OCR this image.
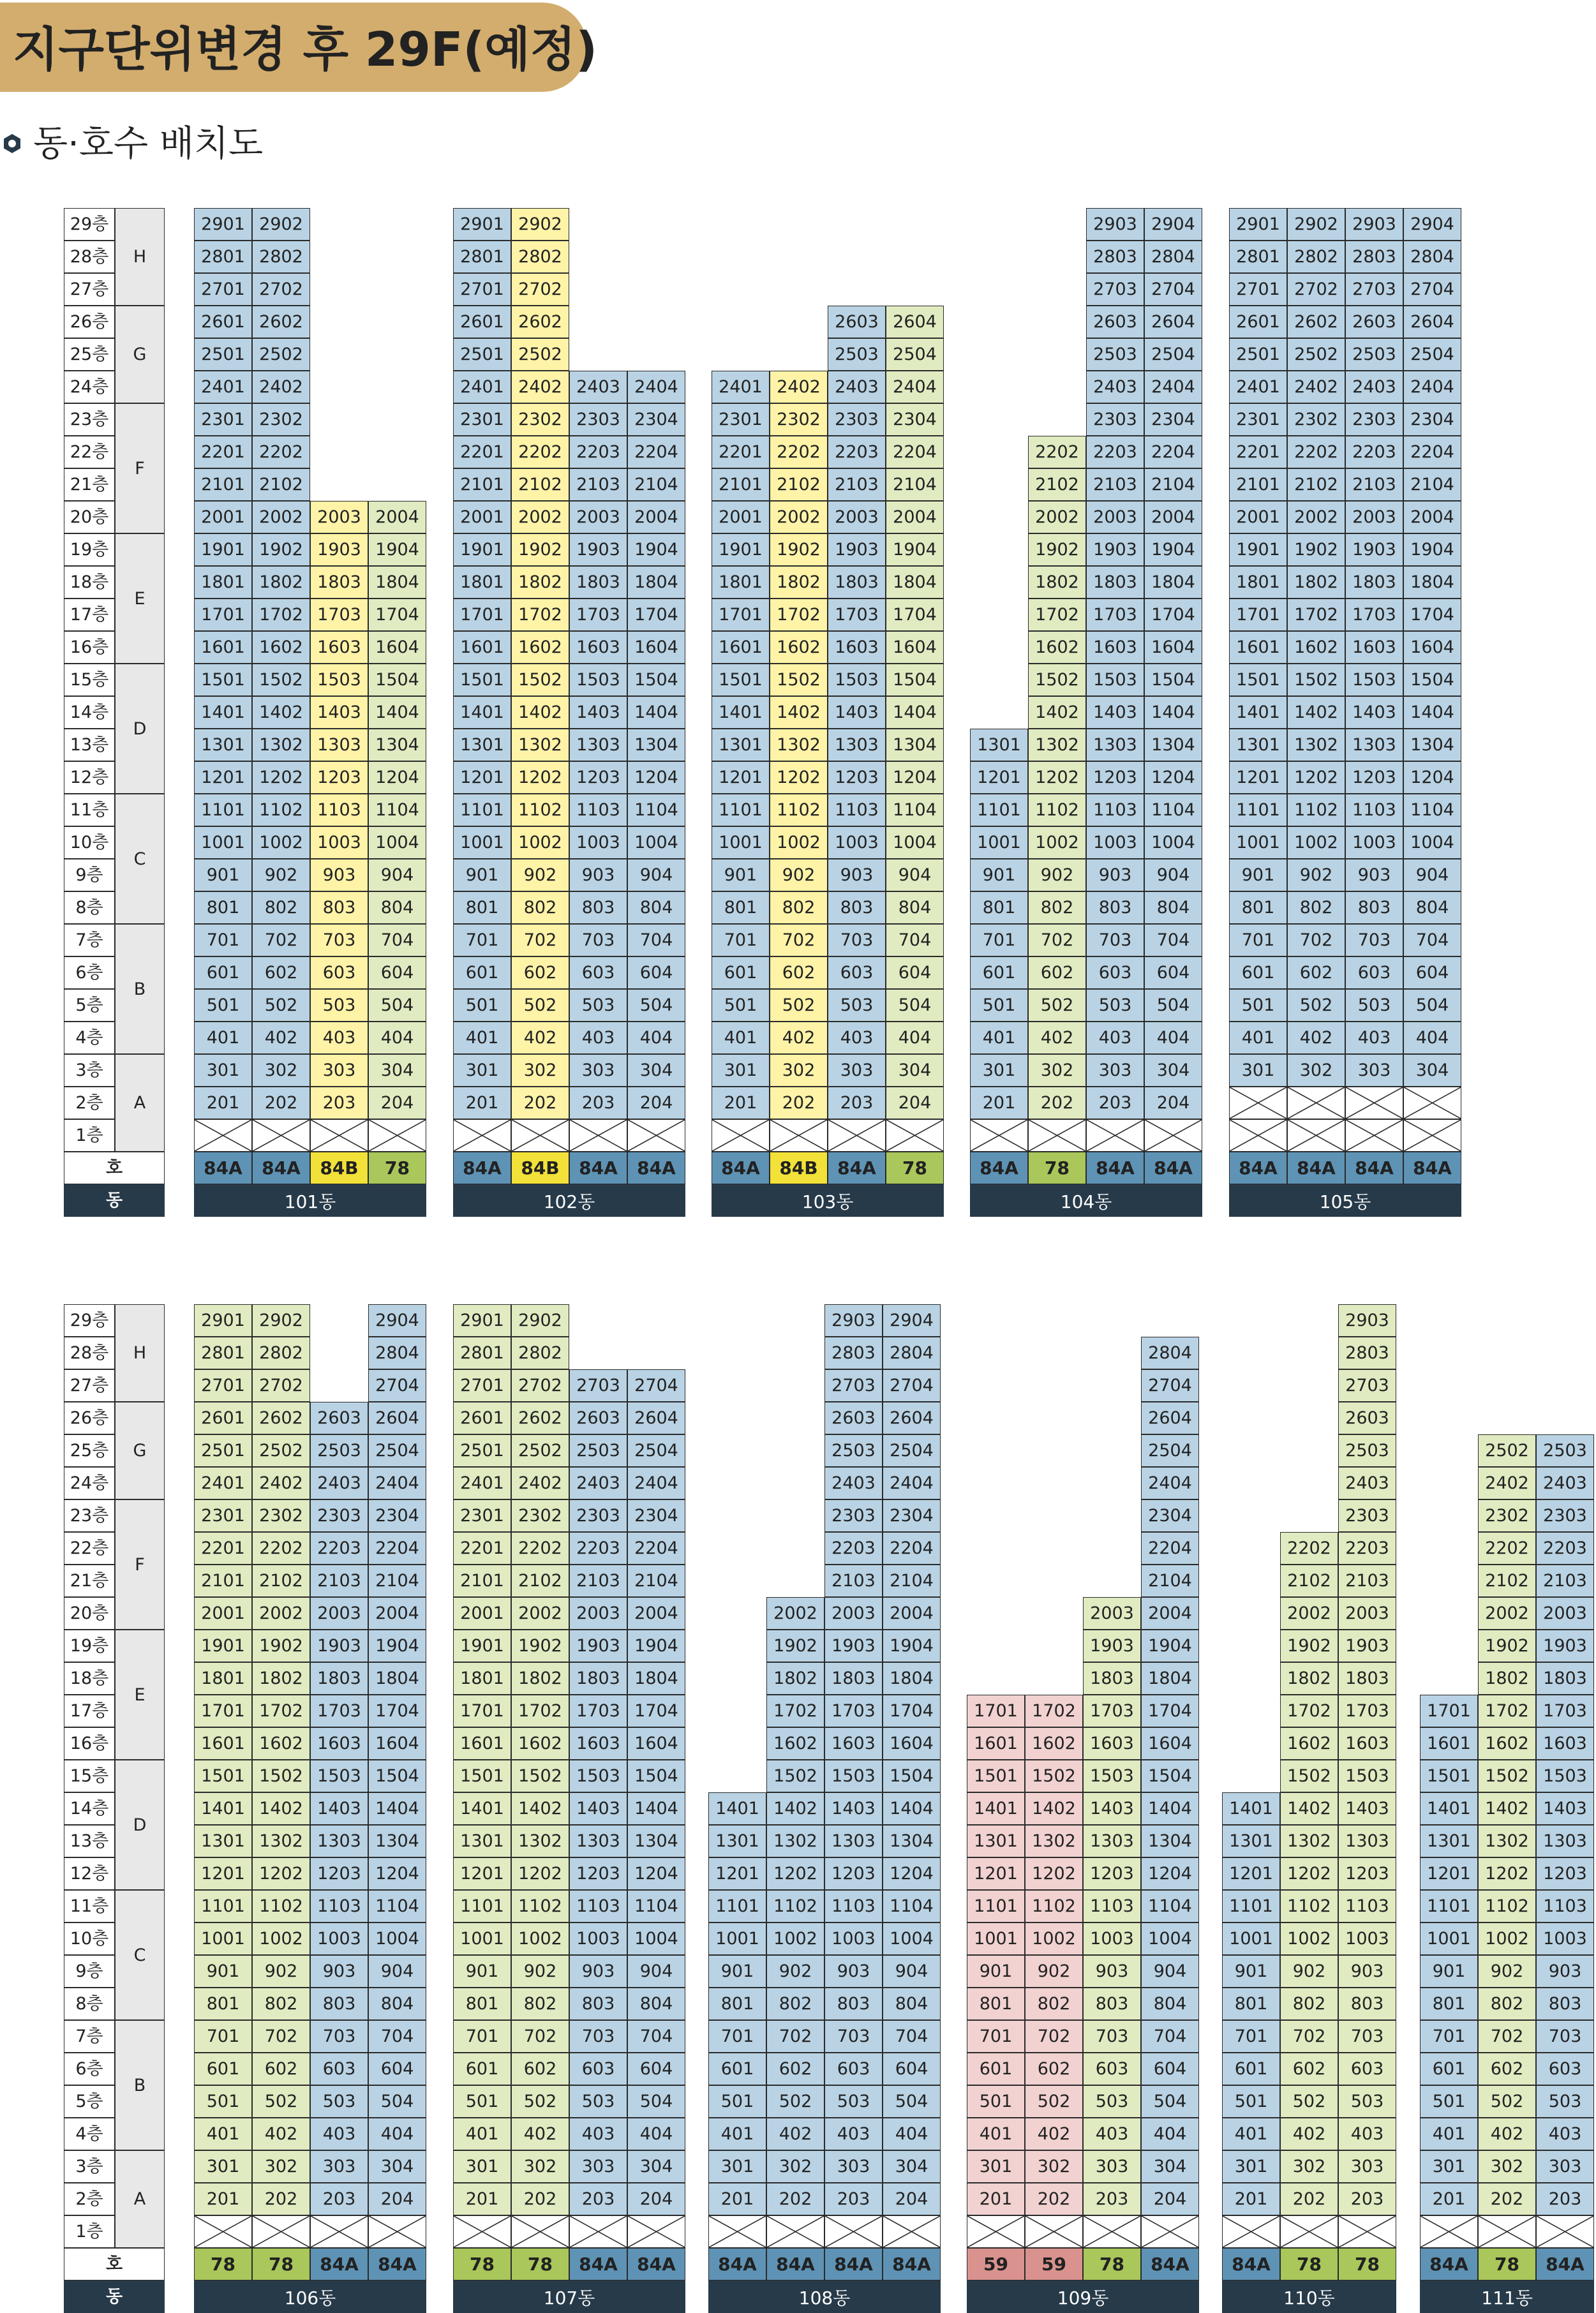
지구단위변경 후 29F(예정)
동·호수 배치도
29층
28층
27층
26층
25층
24층
23층
22층
21층
20층
19층
18층
17층
16층
15층
14층
13층
12층
11층
10층
9층
8층
7층
6층
5층
4층
3층
2층
1층
H
G
F
E
D
C
B
A
호
동
29층
28층
27층
26층
25층
24층
23층
22층
21층
20층
19층
18층
17층
16층
15층
14층
13층
12층
11층
10층
9층
8층
7층
6층
5층
4층
3층
2층
1층
H
G
F
E
D
C
B
A
호
동
2901
2801
2701
2601
2501
2401
2301
2201
2101
2001
1901
1801
1701
1601
1501
1401
1301
1201
1101
1001
901
801
701
601
501
401
301
201
84A
2902
2802
2702
2602
2502
2402
2302
2202
2102
2002
1902
1802
1702
1602
1502
1402
1302
1202
1102
1002
902
802
702
602
502
402
302
202
84A
2003
1903
1803
1703
1603
1503
1403
1303
1203
1103
1003
903
803
703
603
503
403
303
203
84B
2004
1904
1804
1704
1604
1504
1404
1304
1204
1104
1004
904
804
704
604
504
404
304
204
78
101동
2901
2801
2701
2601
2501
2401
2301
2201
2101
2001
1901
1801
1701
1601
1501
1401
1301
1201
1101
1001
901
801
701
601
501
401
301
201
84A
2902
2802
2702
2602
2502
2402
2302
2202
2102
2002
1902
1802
1702
1602
1502
1402
1302
1202
1102
1002
902
802
702
602
502
402
302
202
84B
2403
2303
2203
2103
2003
1903
1803
1703
1603
1503
1403
1303
1203
1103
1003
903
803
703
603
503
403
303
203
84A
2404
2304
2204
2104
2004
1904
1804
1704
1604
1504
1404
1304
1204
1104
1004
904
804
704
604
504
404
304
204
84A
102동
2401
2301
2201
2101
2001
1901
1801
1701
1601
1501
1401
1301
1201
1101
1001
901
801
701
601
501
401
301
201
84A
2402
2302
2202
2102
2002
1902
1802
1702
1602
1502
1402
1302
1202
1102
1002
902
802
702
602
502
402
302
202
84B
2603
2503
2403
2303
2203
2103
2003
1903
1803
1703
1603
1503
1403
1303
1203
1103
1003
903
803
703
603
503
403
303
203
84A
2604
2504
2404
2304
2204
2104
2004
1904
1804
1704
1604
1504
1404
1304
1204
1104
1004
904
804
704
604
504
404
304
204
78
103동
1301
1201
1101
1001
901
801
701
601
501
401
301
201
84A
2202
2102
2002
1902
1802
1702
1602
1502
1402
1302
1202
1102
1002
902
802
702
602
502
402
302
202
78
2903
2803
2703
2603
2503
2403
2303
2203
2103
2003
1903
1803
1703
1603
1503
1403
1303
1203
1103
1003
903
803
703
603
503
403
303
203
84A
2904
2804
2704
2604
2504
2404
2304
2204
2104
2004
1904
1804
1704
1604
1504
1404
1304
1204
1104
1004
904
804
704
604
504
404
304
204
84A
104동
2901
2801
2701
2601
2501
2401
2301
2201
2101
2001
1901
1801
1701
1601
1501
1401
1301
1201
1101
1001
901
801
701
601
501
401
301
84A
2902
2802
2702
2602
2502
2402
2302
2202
2102
2002
1902
1802
1702
1602
1502
1402
1302
1202
1102
1002
902
802
702
602
502
402
302
84A
2903
2803
2703
2603
2503
2403
2303
2203
2103
2003
1903
1803
1703
1603
1503
1403
1303
1203
1103
1003
903
803
703
603
503
403
303
84A
2904
2804
2704
2604
2504
2404
2304
2204
2104
2004
1904
1804
1704
1604
1504
1404
1304
1204
1104
1004
904
804
704
604
504
404
304
84A
105동
2901
2801
2701
2601
2501
2401
2301
2201
2101
2001
1901
1801
1701
1601
1501
1401
1301
1201
1101
1001
901
801
701
601
501
401
301
201
78
2902
2802
2702
2602
2502
2402
2302
2202
2102
2002
1902
1802
1702
1602
1502
1402
1302
1202
1102
1002
902
802
702
602
502
402
302
202
78
2603
2503
2403
2303
2203
2103
2003
1903
1803
1703
1603
1503
1403
1303
1203
1103
1003
903
803
703
603
503
403
303
203
84A
2904
2804
2704
2604
2504
2404
2304
2204
2104
2004
1904
1804
1704
1604
1504
1404
1304
1204
1104
1004
904
804
704
604
504
404
304
204
84A
106동
2901
2801
2701
2601
2501
2401
2301
2201
2101
2001
1901
1801
1701
1601
1501
1401
1301
1201
1101
1001
901
801
701
601
501
401
301
201
78
2902
2802
2702
2602
2502
2402
2302
2202
2102
2002
1902
1802
1702
1602
1502
1402
1302
1202
1102
1002
902
802
702
602
502
402
302
202
78
2703
2603
2503
2403
2303
2203
2103
2003
1903
1803
1703
1603
1503
1403
1303
1203
1103
1003
903
803
703
603
503
403
303
203
84A
2704
2604
2504
2404
2304
2204
2104
2004
1904
1804
1704
1604
1504
1404
1304
1204
1104
1004
904
804
704
604
504
404
304
204
84A
107동
1401
1301
1201
1101
1001
901
801
701
601
501
401
301
201
84A
2002
1902
1802
1702
1602
1502
1402
1302
1202
1102
1002
902
802
702
602
502
402
302
202
84A
2903
2803
2703
2603
2503
2403
2303
2203
2103
2003
1903
1803
1703
1603
1503
1403
1303
1203
1103
1003
903
803
703
603
503
403
303
203
84A
2904
2804
2704
2604
2504
2404
2304
2204
2104
2004
1904
1804
1704
1604
1504
1404
1304
1204
1104
1004
904
804
704
604
504
404
304
204
84A
108동
1701
1601
1501
1401
1301
1201
1101
1001
901
801
701
601
501
401
301
201
59
1702
1602
1502
1402
1302
1202
1102
1002
902
802
702
602
502
402
302
202
59
2003
1903
1803
1703
1603
1503
1403
1303
1203
1103
1003
903
803
703
603
503
403
303
203
78
2804
2704
2604
2504
2404
2304
2204
2104
2004
1904
1804
1704
1604
1504
1404
1304
1204
1104
1004
904
804
704
604
504
404
304
204
84A
109동
1401
1301
1201
1101
1001
901
801
701
601
501
401
301
201
84A
2202
2102
2002
1902
1802
1702
1602
1502
1402
1302
1202
1102
1002
902
802
702
602
502
402
302
202
78
2903
2803
2703
2603
2503
2403
2303
2203
2103
2003
1903
1803
1703
1603
1503
1403
1303
1203
1103
1003
903
803
703
603
503
403
303
203
78
110동
1701
1601
1501
1401
1301
1201
1101
1001
901
801
701
601
501
401
301
201
84A
2502
2402
2302
2202
2102
2002
1902
1802
1702
1602
1502
1402
1302
1202
1102
1002
902
802
702
602
502
402
302
202
78
2503
2403
2303
2203
2103
2003
1903
1803
1703
1603
1503
1403
1303
1203
1103
1003
903
803
703
603
503
403
303
203
84A
111동
